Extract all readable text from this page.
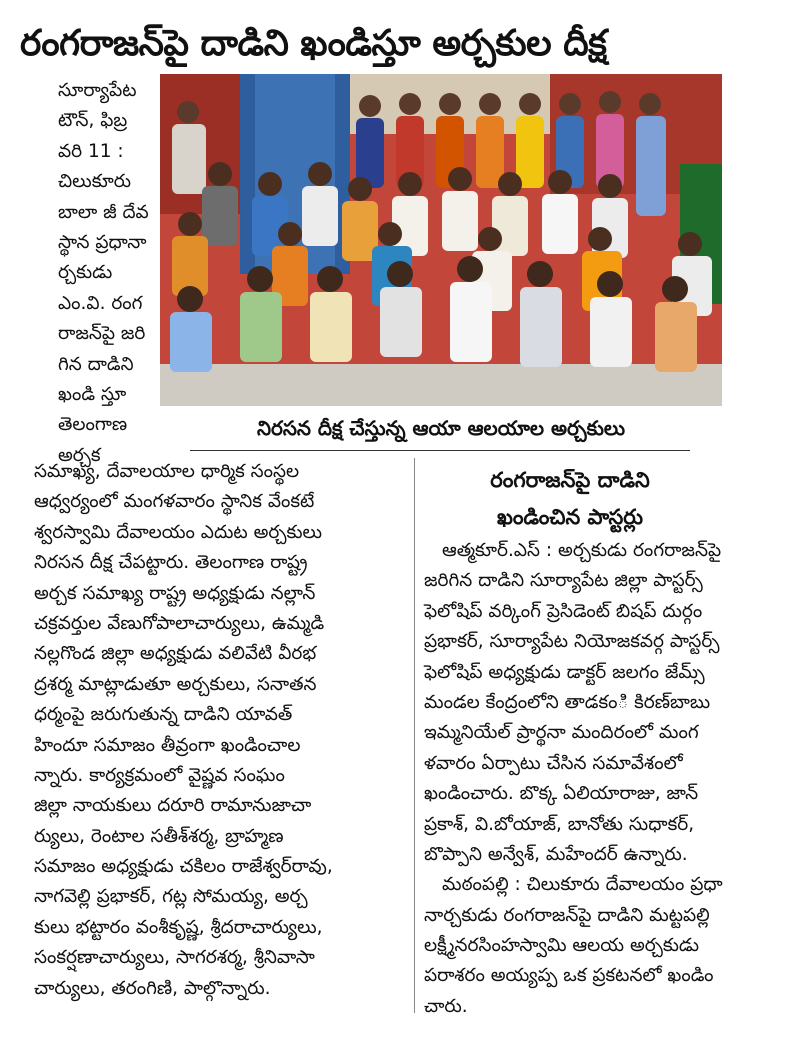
రంగరాజన్‌పై దాడిని ఖండిస్తూ అర్చకుల దీక్ష
సూర్యాపేట
టౌన్‌, ఫిబ్ర
వరి 11 :
చిలుకూరు
బాలా జీ దేవ
స్థాన ప్రధానా
ర్చకుడు
ఎం.వి. రంగ
రాజన్‌పై జరి
గిన దాడిని
ఖండి స్తూ
తెలంగాణ
అర్చక
నిరసన దీక్ష చేస్తున్న ఆయా ఆలయాల అర్చకులు
సమాఖ్య, దేవాలయాల ధార్మిక సంస్థల
ఆధ్వర్యంలో మంగళవారం స్థానిక వేంకటే
శ్వరస్వామి దేవాలయం ఎదుట అర్చకులు
నిరసన దీక్ష చేపట్టారు. తెలంగాణ రాష్ట్ర
అర్చక సమాఖ్య రాష్ట్ర అధ్యక్షుడు నల్లాన్‌
చక్రవర్తుల వేణుగోపాలాచార్యులు, ఉమ్మడి
నల్లగొండ జిల్లా అధ్యక్షుడు వలివేటి వీరభ
ద్రశర్మ మాట్లాడుతూ అర్చకులు, సనాతన
ధర్మంపై జరుగుతున్న దాడిని యావత్‌
హిందూ సమాజం తీవ్రంగా ఖండించాల
న్నారు. కార్యక్రమంలో వైష్ణవ సంఘం
జిల్లా నాయకులు దరూరి రామానుజాచా
ర్యులు, రెంటాల సతీశ్‌శర్మ, బ్రాహ్మణ
సమాజం అధ్యక్షుడు చకిలం రాజేశ్వర్‌రావు,
నాగవెల్లి ప్రభాకర్‌, గట్ల సోమయ్య, అర్చ
కులు భట్టారం వంశీకృష్ణ, శ్రీదరాచార్యులు,
సంకర్షణాచార్యులు, సాగరశర్మ, శ్రీనివాసా
చార్యులు, తరంగిణి, పాల్గొన్నారు.
రంగరాజన్‌పై దాడిని
ఖండించిన పాస్టర్లు
ఆత్మకూర్‌.ఎస్‌ : అర్చకుడు రంగరాజన్‌పై
జరిగిన దాడిని సూర్యాపేట జిల్లా పాస్టర్స్‌
ఫెలోషిప్‌ వర్కింగ్‌ ప్రెసిడెంట్‌ బిషప్‌ దుర్గం
ప్రభాకర్‌, సూర్యాపేట నియోజకవర్గ పాస్టర్స్‌
ఫెలోషిప్‌ అధ్యక్షుడు డాక్టర్‌ జలగం జేమ్స్‌
మండల కేంద్రంలోని తాడకంి కిరణ్‌బాబు
ఇమ్మనియేల్‌ ప్రార్థనా మందిరంలో మంగ
ళవారం ఏర్పాటు చేసిన సమావేశంలో
ఖండించారు. బొక్క ఏలియారాజు, జాన్‌
ప్రకాశ్‌, వి.బోయాజ్‌, బానోతు సుధాకర్‌,
బొప్పాని అన్వేశ్‌, మహేందర్‌ ఉన్నారు.
మఠంపల్లి : చిలుకూరు దేవాలయం ప్రధా
నార్చకుడు రంగరాజన్‌పై దాడిని మట్టపల్లి
లక్ష్మీనరసింహస్వామి ఆలయ అర్చకుడు
పరాశరం అయ్యప్ప ఒక ప్రకటనలో ఖండిం
చారు.
